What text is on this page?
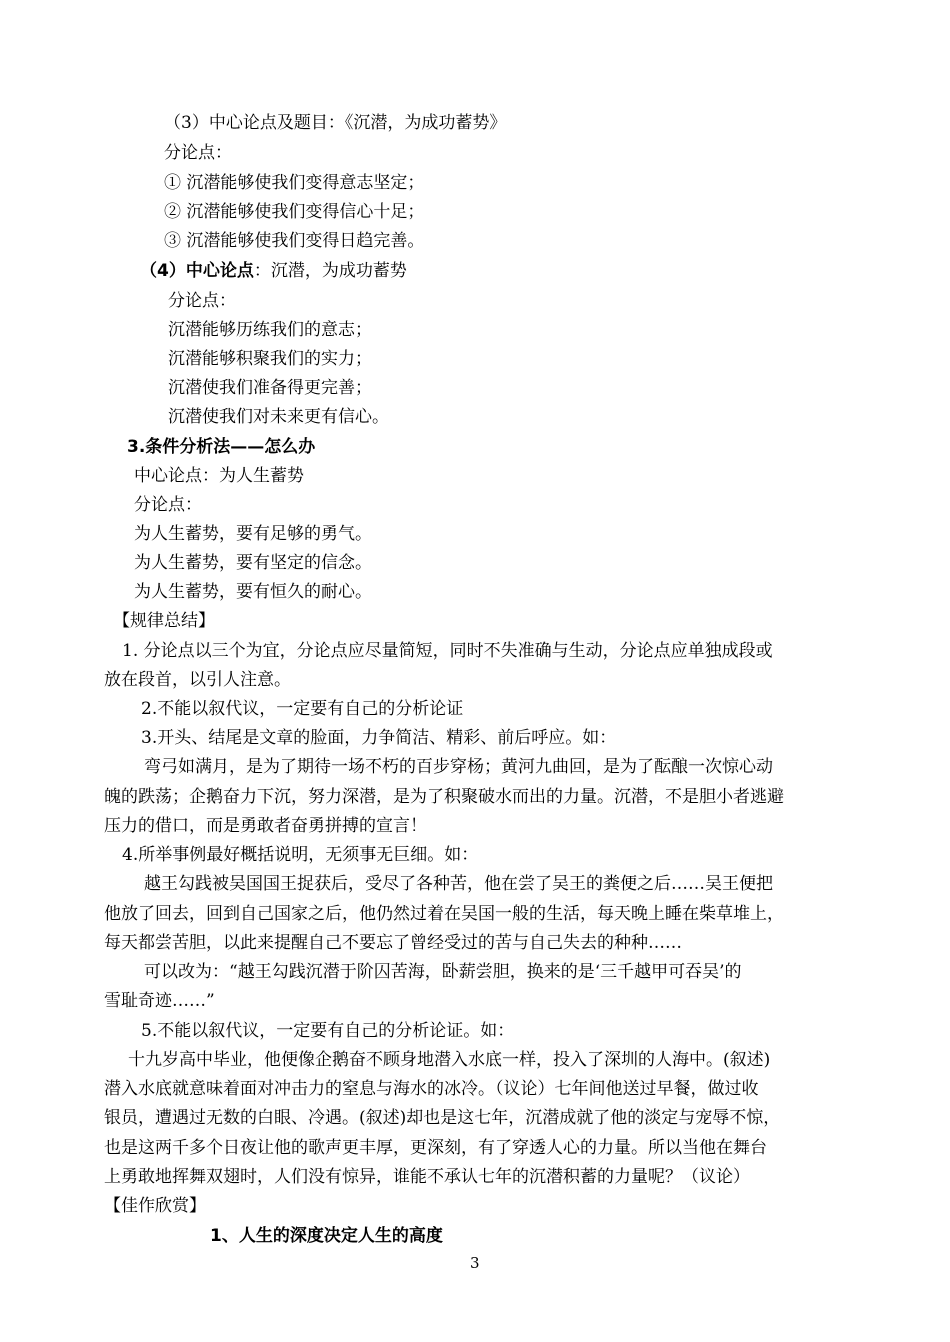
（3）中心论点及题目：《沉潜，为成功蓄势》
分论点：
① 沉潜能够使我们变得意志坚定；
② 沉潜能够使我们变得信心十足；
③ 沉潜能够使我们变得日趋完善。
（4）中心论点：沉潜，为成功蓄势
分论点：
沉潜能够历练我们的意志；
沉潜能够积聚我们的实力；
沉潜使我们准备得更完善；
沉潜使我们对未来更有信心。
3.条件分析法——怎么办
中心论点：为人生蓄势
分论点：
为人生蓄势，要有足够的勇气。
为人生蓄势，要有坚定的信念。
为人生蓄势，要有恒久的耐心。
【规律总结】
1. 分论点以三个为宜，分论点应尽量简短，同时不失准确与生动，分论点应单独成段或
放在段首，以引人注意。
2.不能以叙代议，一定要有自己的分析论证
3.开头、结尾是文章的脸面，力争简洁、精彩、前后呼应。如：
弯弓如满月，是为了期待一场不朽的百步穿杨；黄河九曲回，是为了酝酿一次惊心动
魄的跌荡；企鹅奋力下沉，努力深潜，是为了积聚破水而出的力量。沉潜，不是胆小者逃避
压力的借口，而是勇敢者奋勇拼搏的宣言！
4.所举事例最好概括说明，无须事无巨细。如：
越王勾践被吴国国王捉获后，受尽了各种苦，他在尝了吴王的粪便之后……吴王便把
他放了回去，回到自己国家之后，他仍然过着在吴国一般的生活，每天晚上睡在柴草堆上，
每天都尝苦胆，以此来提醒自己不要忘了曾经受过的苦与自己失去的种种……
可以改为：“越王勾践沉潜于阶囚苦海，卧薪尝胆，换来的是‘三千越甲可吞吴’的
雪耻奇迹……”
5.不能以叙代议，一定要有自己的分析论证。如：
十九岁高中毕业，他便像企鹅奋不顾身地潜入水底一样，投入了深圳的人海中。(叙述)
潜入水底就意味着面对冲击力的窒息与海水的冰冷。（议论）七年间他送过早餐，做过收
银员，遭遇过无数的白眼、冷遇。(叙述)却也是这七年，沉潜成就了他的淡定与宠辱不惊，
也是这两千多个日夜让他的歌声更丰厚，更深刻，有了穿透人心的力量。所以当他在舞台
上勇敢地挥舞双翅时，人们没有惊异，谁能不承认七年的沉潜积蓄的力量呢？（议论）
【佳作欣赏】
1、人生的深度决定人生的高度
3
